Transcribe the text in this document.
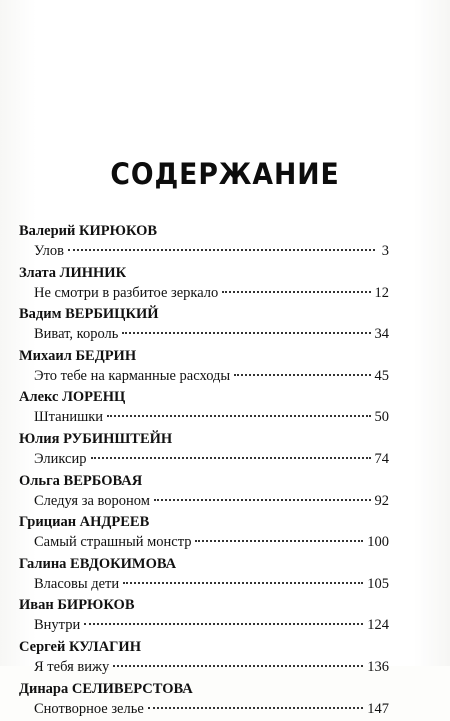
СОДЕРЖАНИЕ
Валерий КИРЮКОВ
Улов	3
Злата ЛИННИК
Не смотри в разбитое зеркало	12
Вадим ВЕРБИЦКИЙ
Виват, король	34
Михаил БЕДРИН
Это тебе на карманные расходы	45
Алекс ЛОРЕНЦ
Штанишки	50
Юлия РУБИНШТЕЙН
Эликсир	74
Ольга ВЕРБОВАЯ
Следуя за вороном	92
Грициан АНДРЕЕВ
Самый страшный монстр	100
Галина ЕВДОКИМОВА
Власовы дети	105
Иван БИРЮКОВ
Внутри	124
Сергей КУЛАГИН
Я тебя вижу	136
Динара СЕЛИВЕРСТОВА
Снотворное зелье	147
